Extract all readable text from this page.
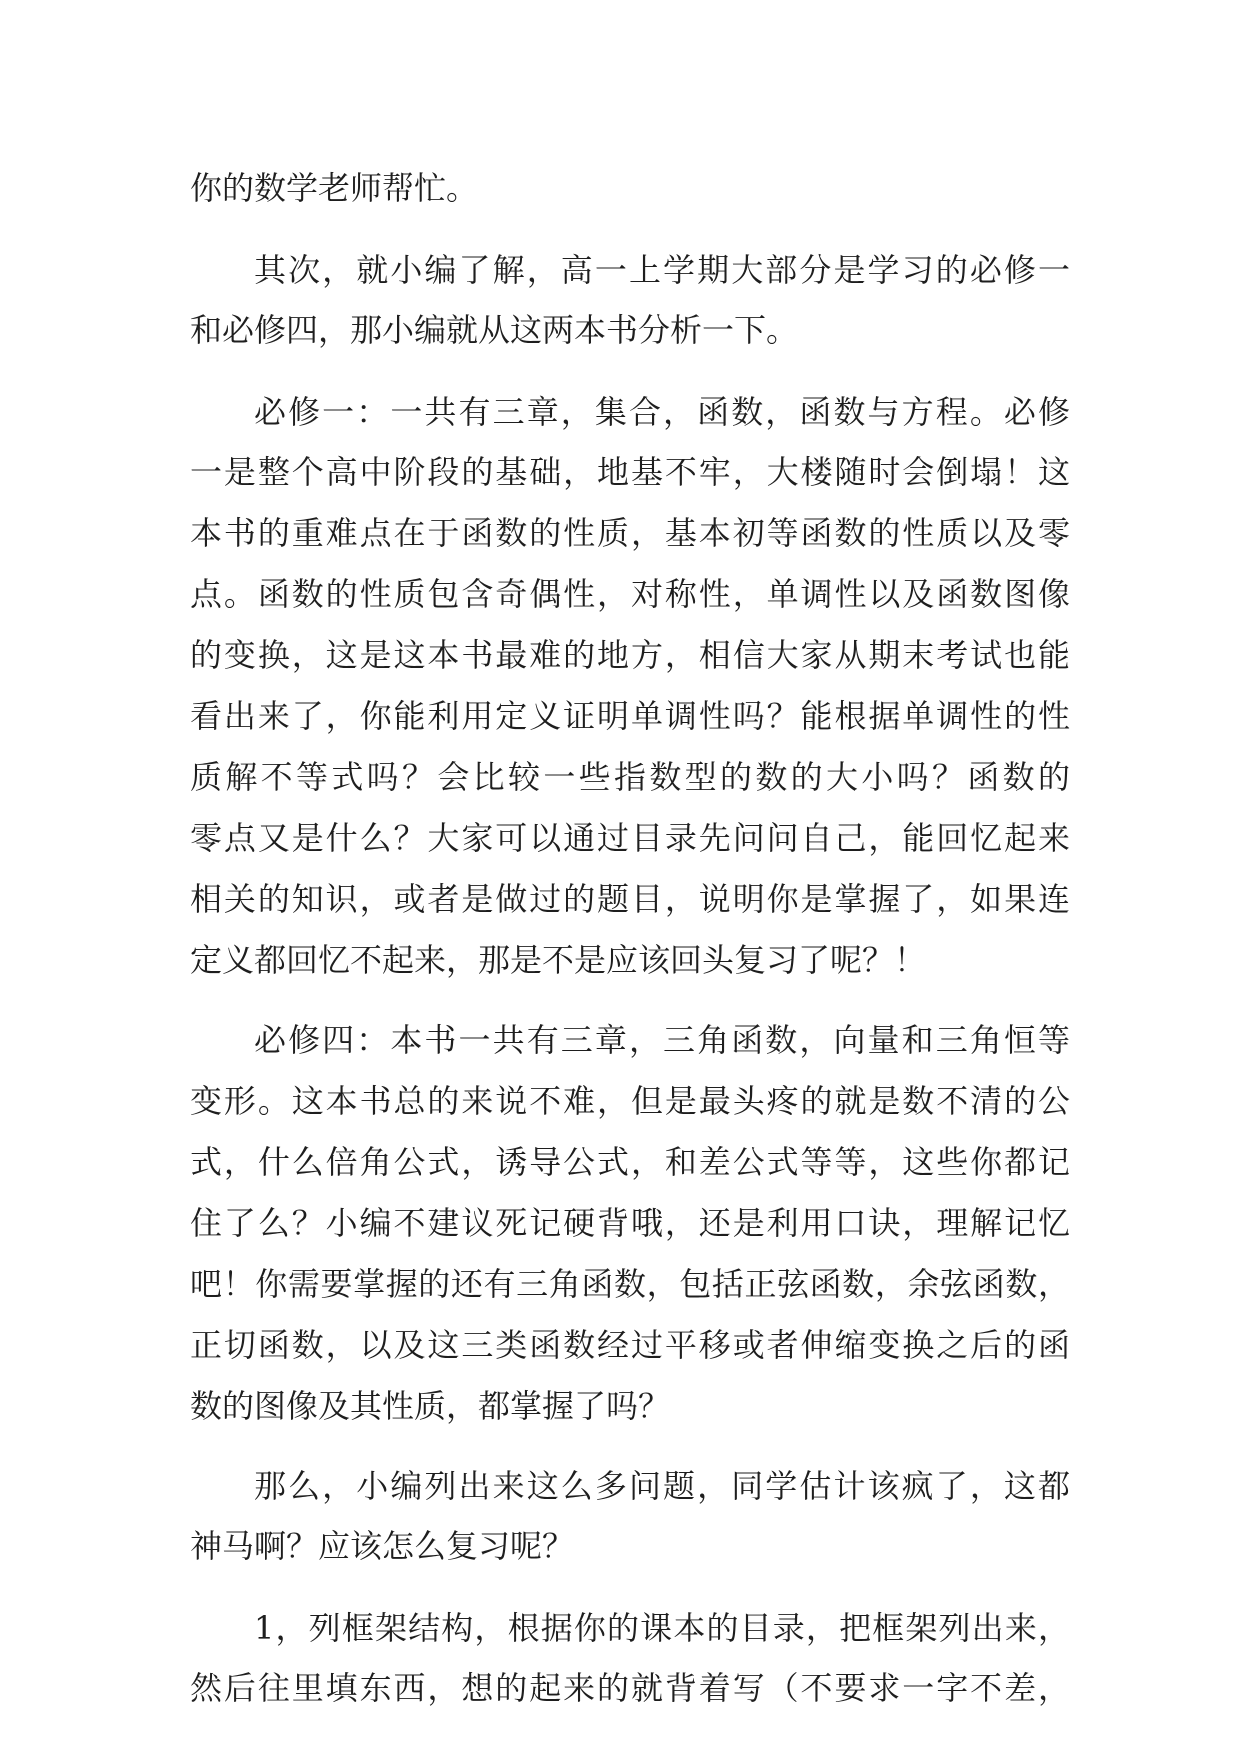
你的数学老师帮忙。

其次，就小编了解，高一上学期大部分是学习的必修一

和必修四，那小编就从这两本书分析一下。

必修一：一共有三章，集合，函数，函数与方程。必修

一是整个高中阶段的基础，地基不牢，大楼随时会倒塌！这

本书的重难点在于函数的性质，基本初等函数的性质以及零

点。函数的性质包含奇偶性，对称性，单调性以及函数图像

的变换，这是这本书最难的地方，相信大家从期末考试也能

看出来了，你能利用定义证明单调性吗？能根据单调性的性

质解不等式吗？会比较一些指数型的数的大小吗？函数的

零点又是什么？大家可以通过目录先问问自己，能回忆起来

相关的知识，或者是做过的题目，说明你是掌握了，如果连

定义都回忆不起来，那是不是应该回头复习了呢？！

必修四：本书一共有三章，三角函数，向量和三角恒等

变形。这本书总的来说不难，但是最头疼的就是数不清的公

式，什么倍角公式，诱导公式，和差公式等等，这些你都记

住了么？小编不建议死记硬背哦，还是利用口诀，理解记忆

吧！你需要掌握的还有三角函数，包括正弦函数，余弦函数，

正切函数，以及这三类函数经过平移或者伸缩变换之后的函

数的图像及其性质，都掌握了吗？

那么，小编列出来这么多问题，同学估计该疯了，这都

神马啊？应该怎么复习呢？

1，列框架结构，根据你的课本的目录，把框架列出来，

然后往里填东西，想的起来的就背着写（不要求一字不差，
